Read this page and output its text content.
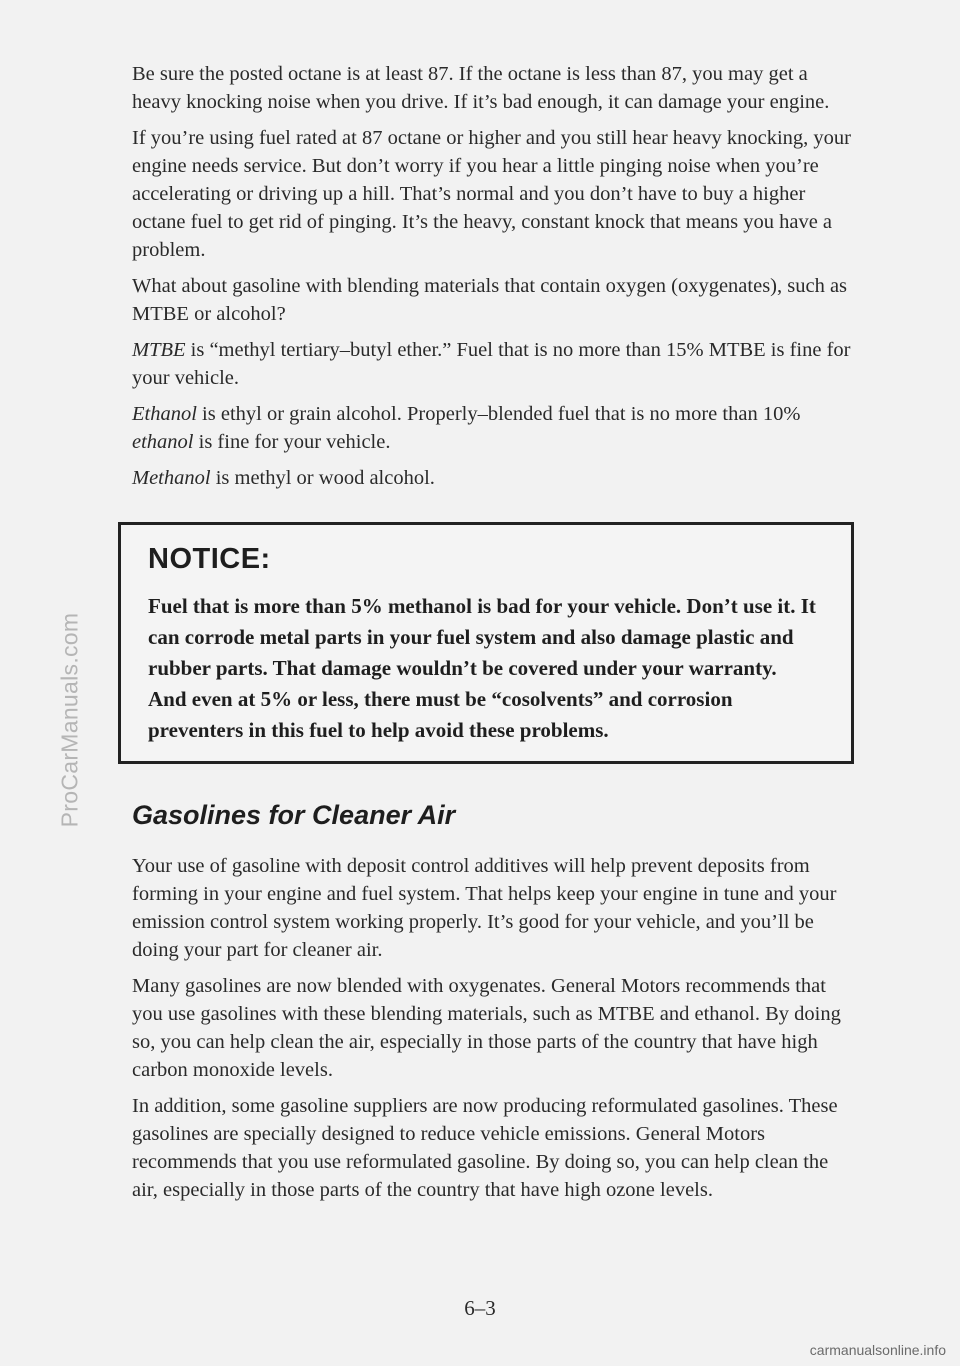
ProCarManuals.com

Be sure the posted octane is at least 87. If the octane is less than 87, you may get a heavy knocking noise when you drive. If it’s bad enough, it can damage your engine.

If you’re using fuel rated at 87 octane or higher and you still hear heavy knocking, your engine needs service. But don’t worry if you hear a little pinging noise when you’re accelerating or driving up a hill. That’s normal and you don’t have to buy a higher octane fuel to get rid of pinging. It’s the heavy, constant knock that means you have a problem.

What about gasoline with blending materials that contain oxygen (oxygenates), such as MTBE or alcohol?

MTBE is “methyl tertiary–butyl ether.” Fuel that is no more than 15% MTBE is fine for your vehicle.

Ethanol is ethyl or grain alcohol. Properly–blended fuel that is no more than 10% ethanol is fine for your vehicle.

Methanol is methyl or wood alcohol.

NOTICE:
Fuel that is more than 5% methanol is bad for your vehicle. Don’t use it. It can corrode metal parts in your fuel system and also damage plastic and rubber parts. That damage wouldn’t be covered under your warranty. And even at 5% or less, there must be “cosolvents” and corrosion preventers in this fuel to help avoid these problems.
Gasolines for Cleaner Air

Your use of gasoline with deposit control additives will help prevent deposits from forming in your engine and fuel system. That helps keep your engine in tune and your emission control system working properly. It’s good for your vehicle, and you’ll be doing your part for cleaner air.

Many gasolines are now blended with oxygenates. General Motors recommends that you use gasolines with these blending materials, such as MTBE and ethanol. By doing so, you can help clean the air, especially in those parts of the country that have high carbon monoxide levels.

In addition, some gasoline suppliers are now producing reformulated gasolines. These gasolines are specially designed to reduce vehicle emissions. General Motors recommends that you use reformulated gasoline. By doing so, you can help clean the air, especially in those parts of the country that have high ozone levels.

6–3
carmanualsonline.info
